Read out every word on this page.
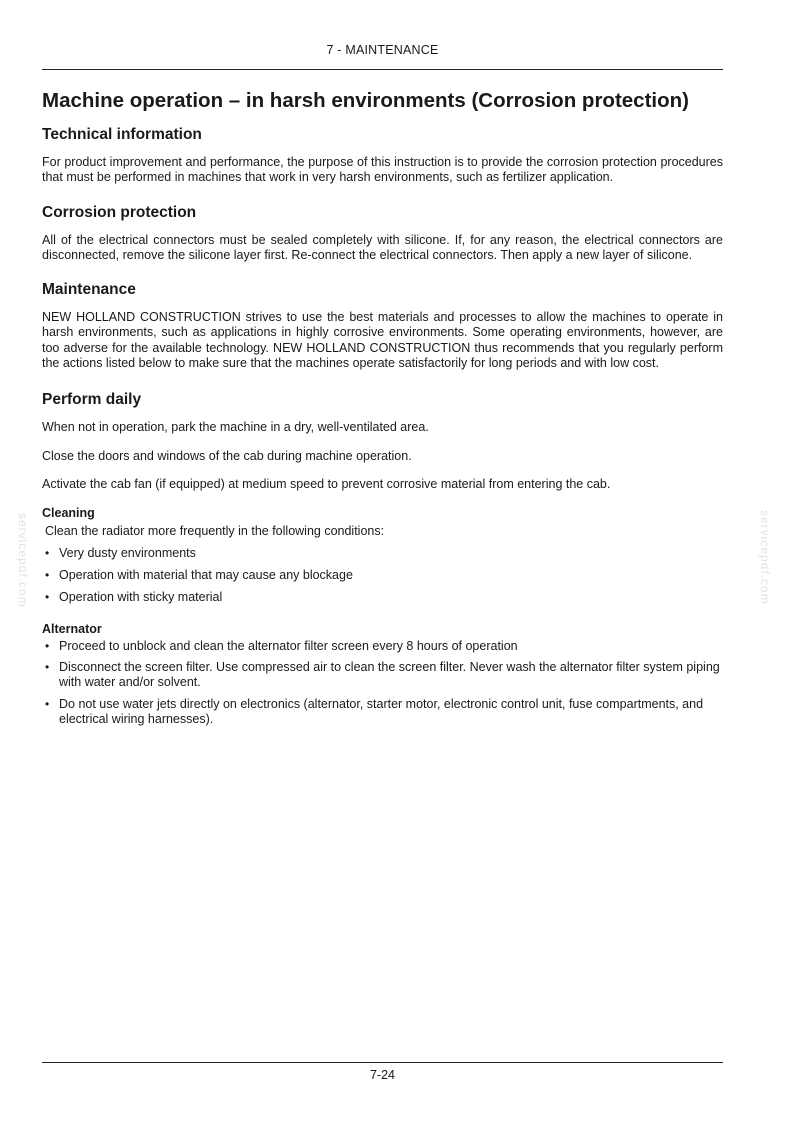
7 - MAINTENANCE
servicepdf.com	servicepdf.com
Machine operation – in harsh environments (Corrosion protection)
Technical information

For product improvement and performance, the purpose of this instruction is to provide the corrosion protection procedures that must be performed in machines that work in very harsh environments, such as fertilizer application.

Corrosion protection

All of the electrical connectors must be sealed completely with silicone. If, for any reason, the electrical connectors are disconnected, remove the silicone layer first. Re-connect the electrical connectors. Then apply a new layer of silicone.

Maintenance

NEW HOLLAND CONSTRUCTION strives to use the best materials and processes to allow the machines to operate in harsh environments, such as applications in highly corrosive environments. Some operating environments, however, are too adverse for the available technology. NEW HOLLAND CONSTRUCTION thus recommends that you regularly perform the actions listed below to make sure that the machines operate satisfactorily for long periods and with low cost.

Perform daily

When not in operation, park the machine in a dry, well-ventilated area.

Close the doors and windows of the cab during machine operation.

Activate the cab fan (if equipped) at medium speed to prevent corrosive material from entering the cab.

Cleaning

Clean the radiator more frequently in the following conditions:

• Very dusty environments
• Operation with material that may cause any blockage
• Operation with sticky material
Alternator
• Proceed to unblock and clean the alternator filter screen every 8 hours of operation
• Disconnect the screen filter. Use compressed air to clean the screen filter. Never wash the alternator filter system piping with water and/or solvent.
• Do not use water jets directly on electronics (alternator, starter motor, electronic control unit, fuse compartments, and electrical wiring harnesses).
7-24
